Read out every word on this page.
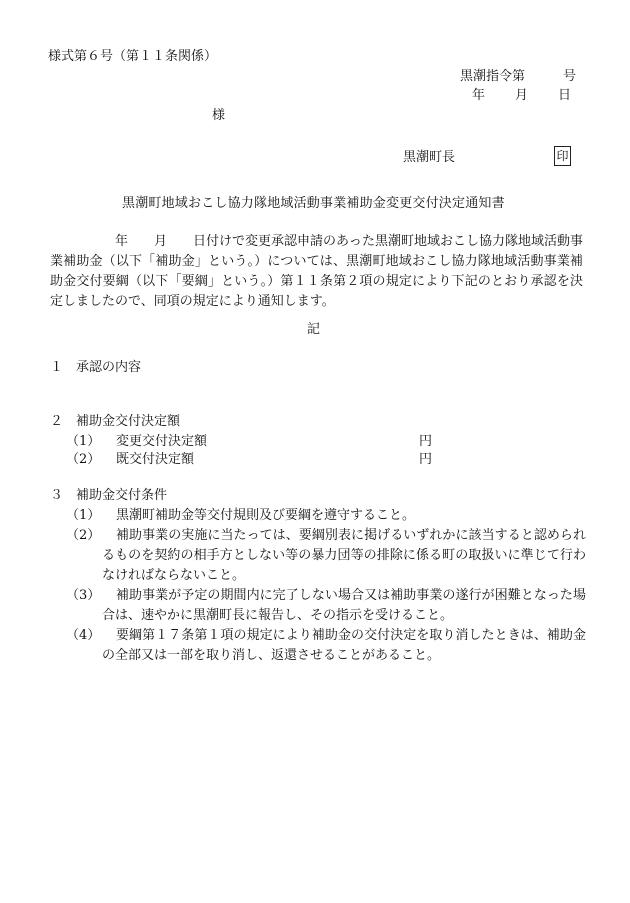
様式第６号（第１１条関係）
黒潮指令第	号
年 月 日
様
黒潮町長	印
黒潮町地域おこし協力隊地域活動事業補助金変更交付決定通知書
年　　月　　日付けで変更承認申請のあった黒潮町地域おこし協力隊地域活動事業補助金（以下「補助金」という。）については、黒潮町地域おこし協力隊地域活動事業補助金交付要綱（以下「要綱」という。）第１１条第２項の規定により下記のとおり承認を決定しましたので、同項の規定により通知します。
記
１ 承認の内容
２ 補助金交付決定額
（1） 変更交付決定額	円
（2） 既交付決定額	円
３ 補助金交付条件
（1）	黒潮町補助金等交付規則及び要綱を遵守すること。
（2）	補助事業の実施に当たっては、要綱別表に掲げるいずれかに該当すると認められるものを契約の相手方としない等の暴力団等の排除に係る町の取扱いに準じて行わなければならないこと。
（3）	補助事業が予定の期間内に完了しない場合又は補助事業の遂行が困難となった場合は、速やかに黒潮町長に報告し、その指示を受けること。
（4）	要綱第１７条第１項の規定により補助金の交付決定を取り消したときは、補助金の全部又は一部を取り消し、返還させることがあること。
